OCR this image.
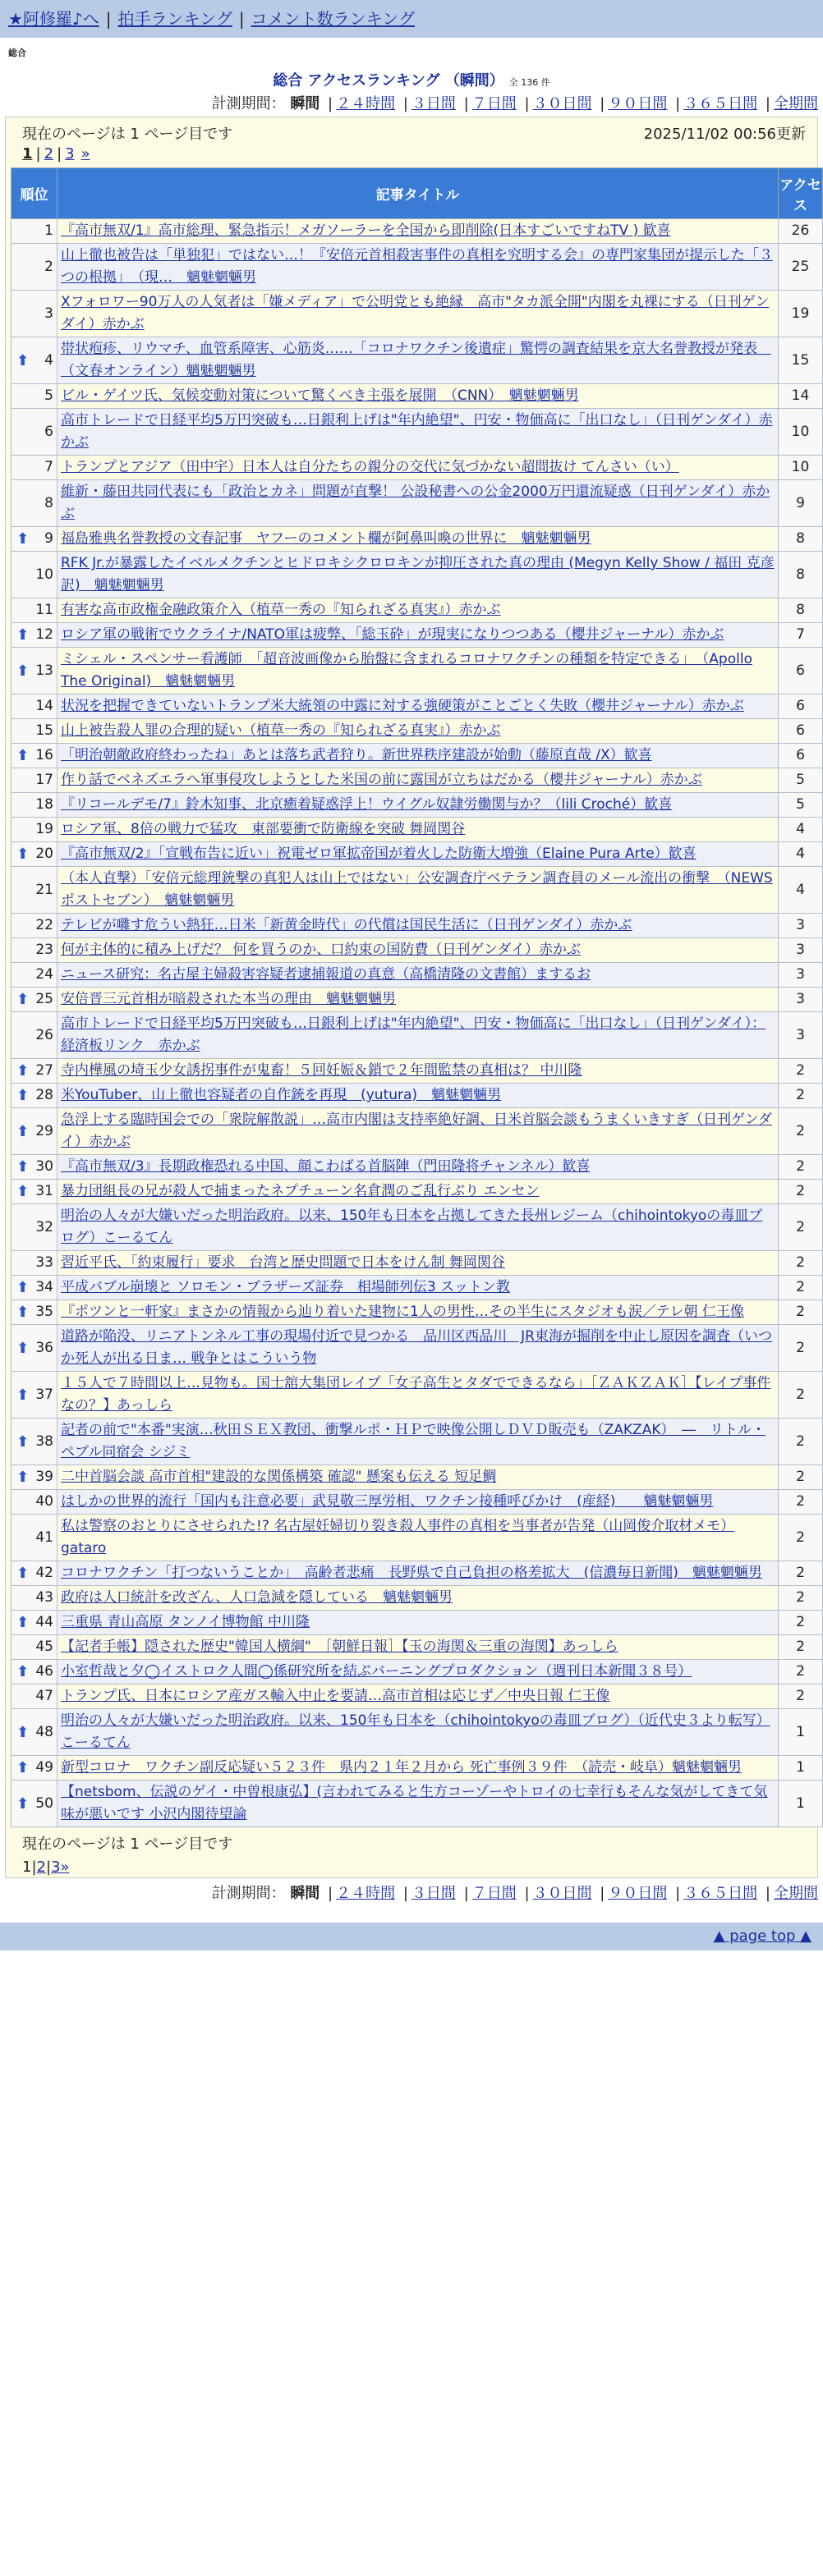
★阿修羅♪へ | 拍手ランキング | コメント数ランキング
総合
総合 アクセスランキング （瞬間） 全 136 件
計測期間： 瞬間 | ２４時間 | ３日間 | ７日間 | ３０日間 | ９０日間 | ３６５日間 | 全期間
現在のページは 1 ページ目です	2025/11/02 00:56更新
1 | 2 | 3 »
順位	記事タイトル	アクセス
1	『高市無双/1』高市総理、緊急指示！メガソーラーを全国から即削除(日本すごいですねTV ) 歓喜	26
2	山上徹也被告は「単独犯」ではない…！『安倍元首相殺害事件の真相を究明する会』の専門家集団が提示した「３つの根拠」　（現…　魑魅魍魎男	25
3	Xフォロワー90万人の人気者は「嫌メディア」で公明党とも絶縁　高市"タカ派全開"内閣を丸裸にする（日刊ゲンダイ）赤かぶ	19

⬆ 4	帯状疱疹、リウマチ、血管系障害、心筋炎……「コロナワクチン後遺症」驚愕の調査結果を京大名誉教授が発表　（文春オンライン）魑魅魍魎男	15
5	ビル・ゲイツ氏、気候変動対策について驚くべき主張を展開　（CNN）　魑魅魍魎男	14
6	高市トレードで日経平均5万円突破も…日銀利上げは"年内絶望"、円安・物価高に「出口なし」（日刊ゲンダイ）赤かぶ	10
7	トランプとアジア（田中宇）日本人は自分たちの親分の交代に気づかない超間抜け てんさい（い）	10
8	維新・藤田共同代表にも「政治とカネ」問題が直撃！ 公設秘書への公金2000万円還流疑惑（日刊ゲンダイ）赤かぶ	9

⬆ 9	福島雅典名誉教授の文春記事　ヤフーのコメント欄が阿鼻叫喚の世界に　魑魅魍魎男	8
10	RFK Jr.が暴露したイベルメクチンとヒドロキシクロロキンが抑圧された真の理由 (Megyn Kelly Show / 福田 克彦訳)　魑魅魍魎男	8
11	有害な高市政権金融政策介入（植草一秀の『知られざる真実』）赤かぶ	8

⬆ 12	ロシア軍の戦術でウクライナ/NATO軍は疲弊、「総玉砕」が現実になりつつある（櫻井ジャーナル）赤かぶ	7

⬆ 13	ミシェル・スペンサー看護師　「超音波画像から胎盤に含まれるコロナワクチンの種類を特定できる」　（Apollo The Original)　魑魅魍魎男	6
14	状況を把握できていないトランプ米大統領の中露に対する強硬策がことごとく失敗（櫻井ジャーナル）赤かぶ	6
15	山上被告殺人罪の合理的疑い（植草一秀の『知られざる真実』）赤かぶ	6

⬆ 16	「明治朝敵政府終わったね」あとは落ち武者狩り。新世界秩序建設が始動（藤原直哉 /X）歓喜	6
17	作り話でベネズエラへ軍事侵攻しようとした米国の前に露国が立ちはだかる（櫻井ジャーナル）赤かぶ	5
18	『リコールデモ/7』鈴木知事、北京癒着疑惑浮上！ウイグル奴隷労働関与か？（lili Croché）歓喜	5
19	ロシア軍、8倍の戦力で猛攻　東部要衝で防衛線を突破 舞岡関谷	4

⬆ 20	『高市無双/2』「宣戦布告に近い」祝電ゼロ軍拡帝国が着火した防衛大増強（Elaine Pura Arte）歓喜	4
21	（本人直撃）「安倍元総理銃撃の真犯人は山上ではない」公安調査庁ベテラン調査員のメール流出の衝撃　（NEWSポストセブン）　魑魅魍魎男	4
22	テレビが囃す危うい熱狂…日米「新黄金時代」の代償は国民生活に（日刊ゲンダイ）赤かぶ	3
23	何が主体的に積み上げだ？ 何を買うのか、口約束の国防費（日刊ゲンダイ）赤かぶ	3
24	ニュース研究：名古屋主婦殺害容疑者逮捕報道の真意（高橋清隆の文書館）まするお	3

⬆ 25	安倍晋三元首相が暗殺された本当の理由　魑魅魍魎男	3
26	高市トレードで日経平均5万円突破も…日銀利上げは"年内絶望"、円安・物価高に「出口なし」（日刊ゲンダイ）：経済板リンク　赤かぶ	3

⬆ 27	寺内樺風の埼玉少女誘拐事件が鬼畜！５回妊娠＆鎖で２年間監禁の真相は？ 中川隆	2

⬆ 28	米YouTuber、山上徹也容疑者の自作銃を再現　(yutura)　魑魅魍魎男	2

⬆ 29	急浮上する臨時国会での「衆院解散説」…高市内閣は支持率絶好調、日米首脳会談もうまくいきすぎ（日刊ゲンダイ）赤かぶ	2

⬆ 30	『高市無双/3』長期政権恐れる中国、顔こわばる首脳陣（門田隆将チャンネル）歓喜	2

⬆ 31	暴力団組長の兄が殺人で捕まったネプチューン名倉潤のご乱行ぶり エンセン	2
32	明治の人々が大嫌いだった明治政府。以来、150年も日本を占拠してきた長州レジーム（chihointokyoの毒皿ブログ）こーるてん	2
33	習近平氏、「約束履行」要求　台湾と歴史問題で日本をけん制 舞岡関谷	2

⬆ 34	平成バブル崩壊と ソロモン・ブラザーズ証券　相場師列伝3 スットン教	2

⬆ 35	『ポツンと一軒家』まさかの情報から辿り着いた建物に1人の男性…その半生にスタジオも涙／テレ朝 仁王像	2

⬆ 36	道路が陥没、リニアトンネル工事の現場付近で見つかる　品川区西品川　JR東海が掘削を中止し原因を調査（いつか死人が出る日ま… 戦争とはこういう物	2

⬆ 37	１５人で７時間以上…見物も。国士舘大集団レイプ「女子高生とタダでできるなら」［ＺＡＫＺＡＫ］【レイプ事件なの？】あっしら	2

⬆ 38	記者の前で"本番"実演…秋田ＳＥＸ教団、衝撃ルポ・ＨＰで映像公開しＤＶＤ販売も（ZAKZAK）　―　リトル・ペブル同宿会 シジミ	2

⬆ 39	二中首脳会談 高市首相"建設的な関係構築 確認" 懸案も伝える 短足鯛	2
40	はしかの世界的流行「国内も注意必要」武見敬三厚労相、ワクチン接種呼びかけ　(産経)　　魑魅魍魎男	2
41	私は警察のおとりにさせられた!? 名古屋妊婦切り裂き殺人事件の真相を当事者が告発（山岡俊介取材メモ）gataro	2

⬆ 42	コロナワクチン「打つないうことか」　高齢者悲痛　長野県で自己負担の格差拡大　(信濃毎日新聞)　魑魅魍魎男	2
43	政府は人口統計を改ざん、人口急減を隠している　魑魅魍魎男	2

⬆ 44	三重県 青山高原 タンノイ博物館 中川隆	2
45	【記者手帳】隠された歴史"韓国人横綱"　［朝鮮日報］【玉の海関＆三重の海関】あっしら	2

⬆ 46	小室哲哉と夕◯イストロク人間◯係研究所を結ぶバーニングプロダクション（週刊日本新聞３８号）	2
47	トランプ氏、日本にロシア産ガス輸入中止を要請…高市首相は応じず／中央日報 仁王像	2

⬆ 48	明治の人々が大嫌いだった明治政府。以来、150年も日本を（chihointokyoの毒皿ブログ）（近代史３より転写）こーるてん	1

⬆ 49	新型コロナ　ワクチン副反応疑い５２３件　県内２１年２月から 死亡事例３９件　（読売・岐阜）魑魅魍魎男	1

⬆ 50	【netsbom、伝説のゲイ・中曽根康弘】(言われてみると生方コーゾーやトロイの七幸行もそんな気がしてきて気味が悪いです 小沢内閣待望論	1
現在のページは 1 ページ目です
1|2|3»
計測期間： 瞬間 | ２４時間 | ３日間 | ７日間 | ３０日間 | ９０日間 | ３６５日間 | 全期間
▲ page top ▲
